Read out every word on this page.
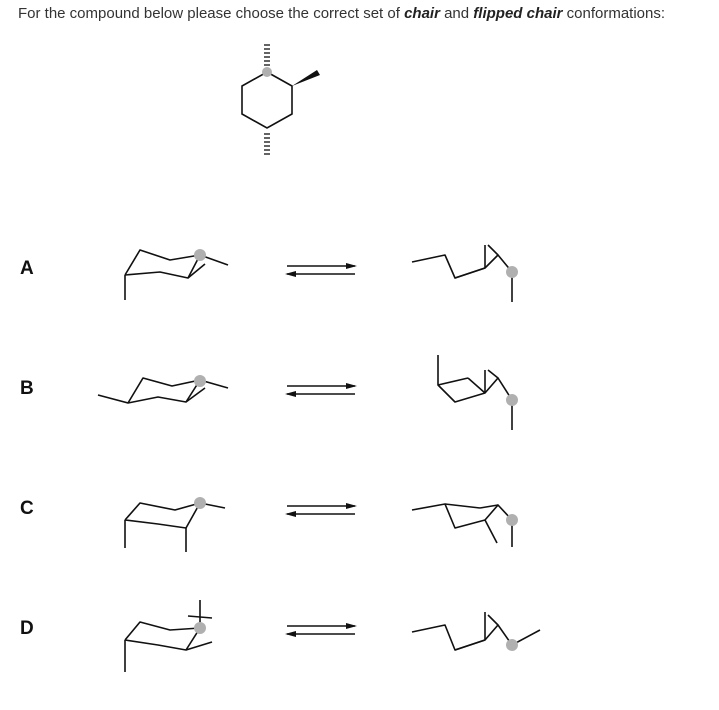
For the compound below please choose the correct set of chair and flipped chair conformations:
A
B
C
D
